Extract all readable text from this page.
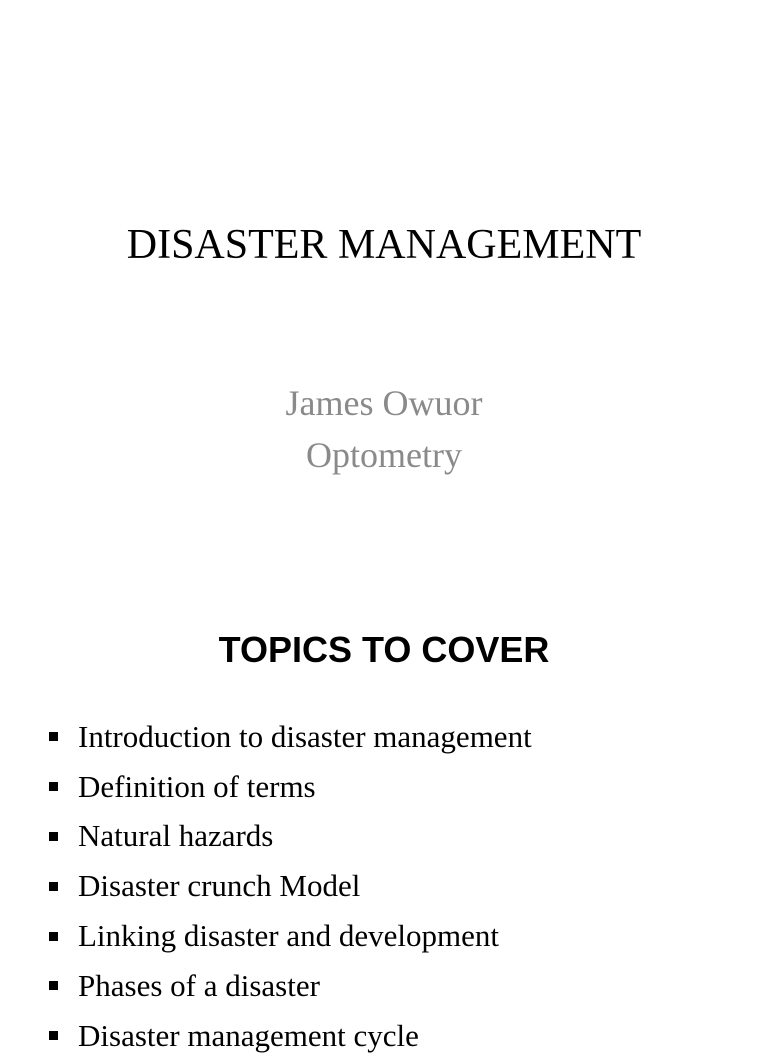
DISASTER MANAGEMENT
James Owuor
Optometry
TOPICS TO COVER
Introduction to disaster management
Definition of terms
Natural hazards
Disaster crunch Model
Linking disaster and development
Phases of a disaster
Disaster management cycle
